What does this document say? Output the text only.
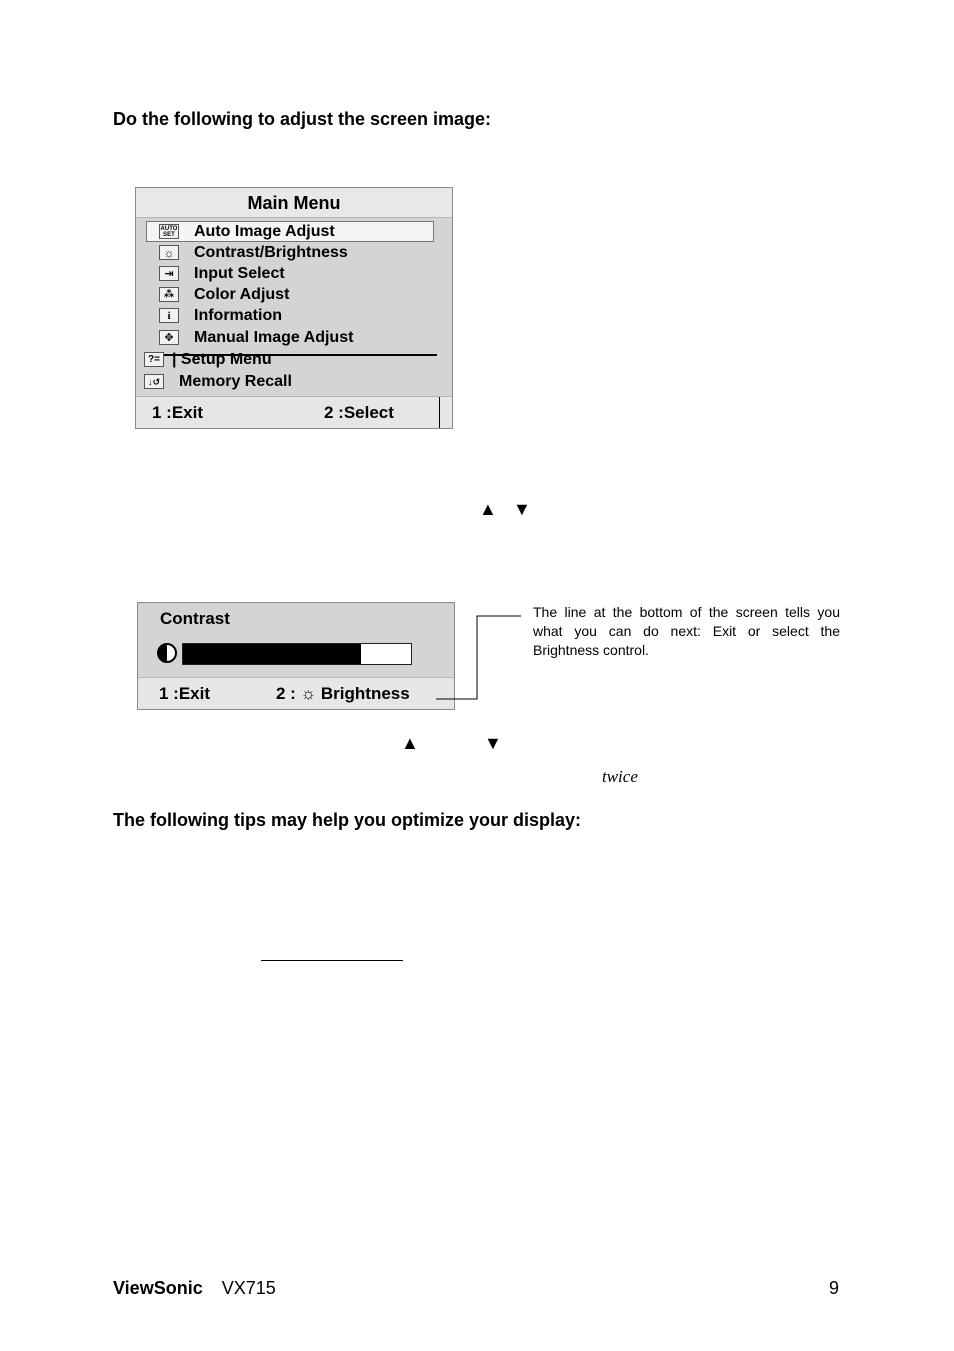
Do the following to adjust the screen image:
Main Menu
AUTO SET Auto Image Adjust
☼ Contrast/Brightness
⇥	Input Select
⁂	Color Adjust
i	Information
✥	Manual Image Adjust
?= | Setup Menu
↓↺ Memory Recall
1 :Exit	2 :Select
▲ ▼
Contrast
1 :Exit	2 : ☼ Brightness
The line at the bottom of the screen tells you what you can do next: Exit or select the Brightness control.
▲	▼
twice
The following tips may help you optimize your display:
ViewSonic VX715	9
